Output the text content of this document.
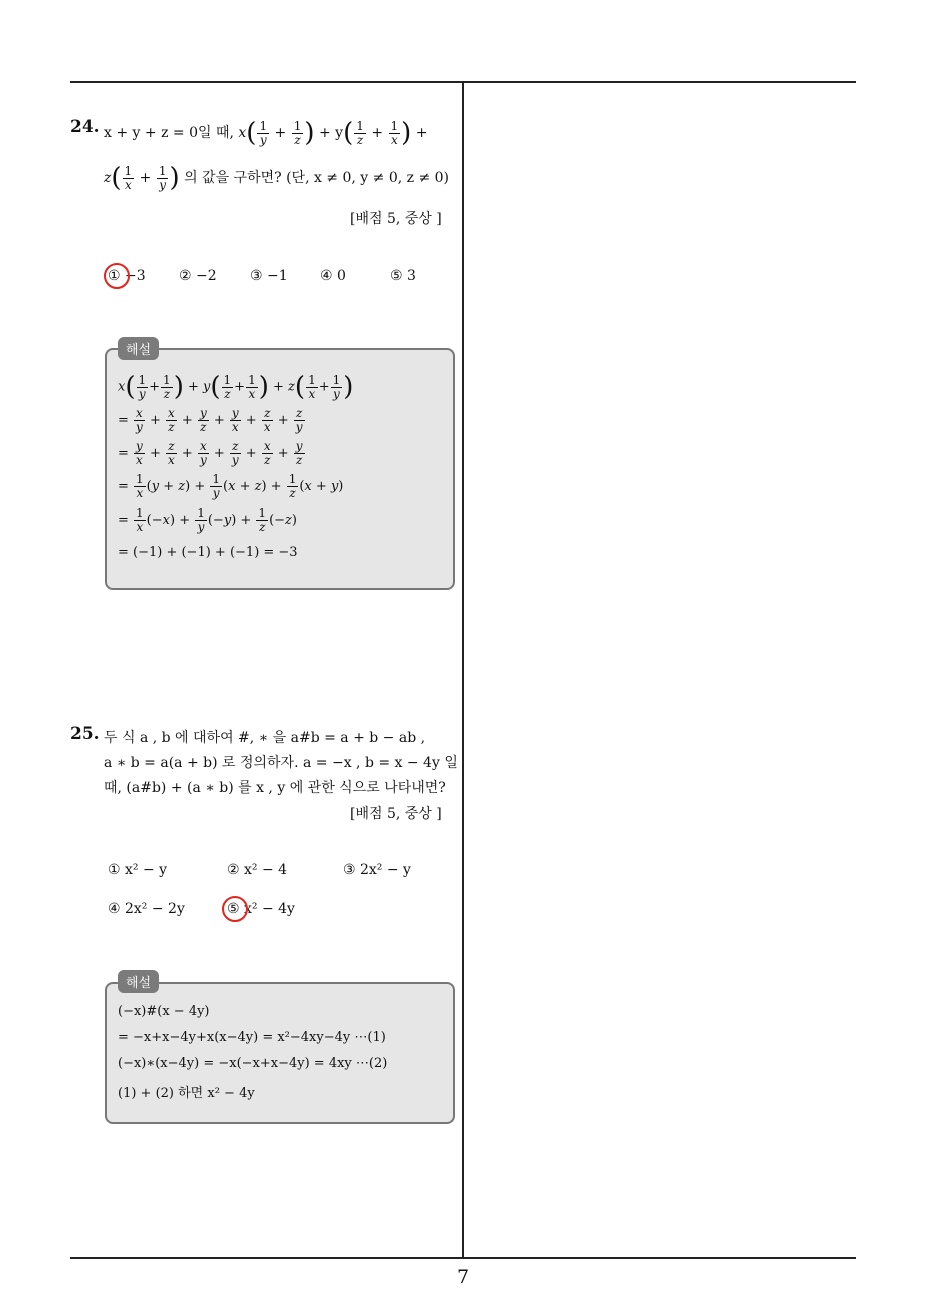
24. x + y + z = 0일 때, $x( \frac{1}{y} + \frac{1}{z}$ ) + $y( \frac{1}{z} + \frac{1}{x}$ ) +
$z( \frac{1}{x} + \frac{1}{y}$ ) 의 값을 구하면? (단, x ≠ 0, y ≠ 0, z ≠ 0)
[배점 5, 중상 ]
① −3 ② −2 ③ −1 ④ 0	⑤ 3
해설
$x( \frac{1}{y} + \frac{1}{z}$ ) + $y( \frac{1}{z} + \frac{1}{x}$ ) + $z( \frac{1}{x} + \frac{1}{y}$ )
= $\frac{x}{y} + \frac{x}{z} + \frac{y}{z} + \frac{y}{x} + \frac{z}{x} + \frac{z}{y}$
= $\frac{y}{x} + \frac{z}{x} + \frac{x}{y} + \frac{z}{y} + \frac{x}{z} + \frac{y}{z}$
= $\frac{1}{x} (y + z) + \frac{1}{y} (x + z) + \frac{1}{z} (x + y)$
= $\frac{1}{x} (-x) + \frac{1}{y} (-y) + \frac{1}{z} (-z)$
= (−1) + (−1) + (−1) = −3
25. 두 식 a , b 에 대하여 #, ∗ 을 a#b = a + b − ab ,
a ∗ b = a(a + b) 로 정의하자. a = −x , b = x − 4y 일
때, (a#b) + (a ∗ b) 를 x , y 에 관한 식으로 나타내면?
[배점 5, 중상 ]
① x² − y	② x² − 4	③ 2x² − y
④ 2x² − 2y	⑤ x² − 4y
해설
(−x)#(x − 4y)
= −x+x−4y+x(x−4y) = x²−4xy−4y ⋯(1)
(−x)∗(x−4y) = −x(−x+x−4y) = 4xy ⋯(2)
(1) + (2) 하면 x² − 4y
7
